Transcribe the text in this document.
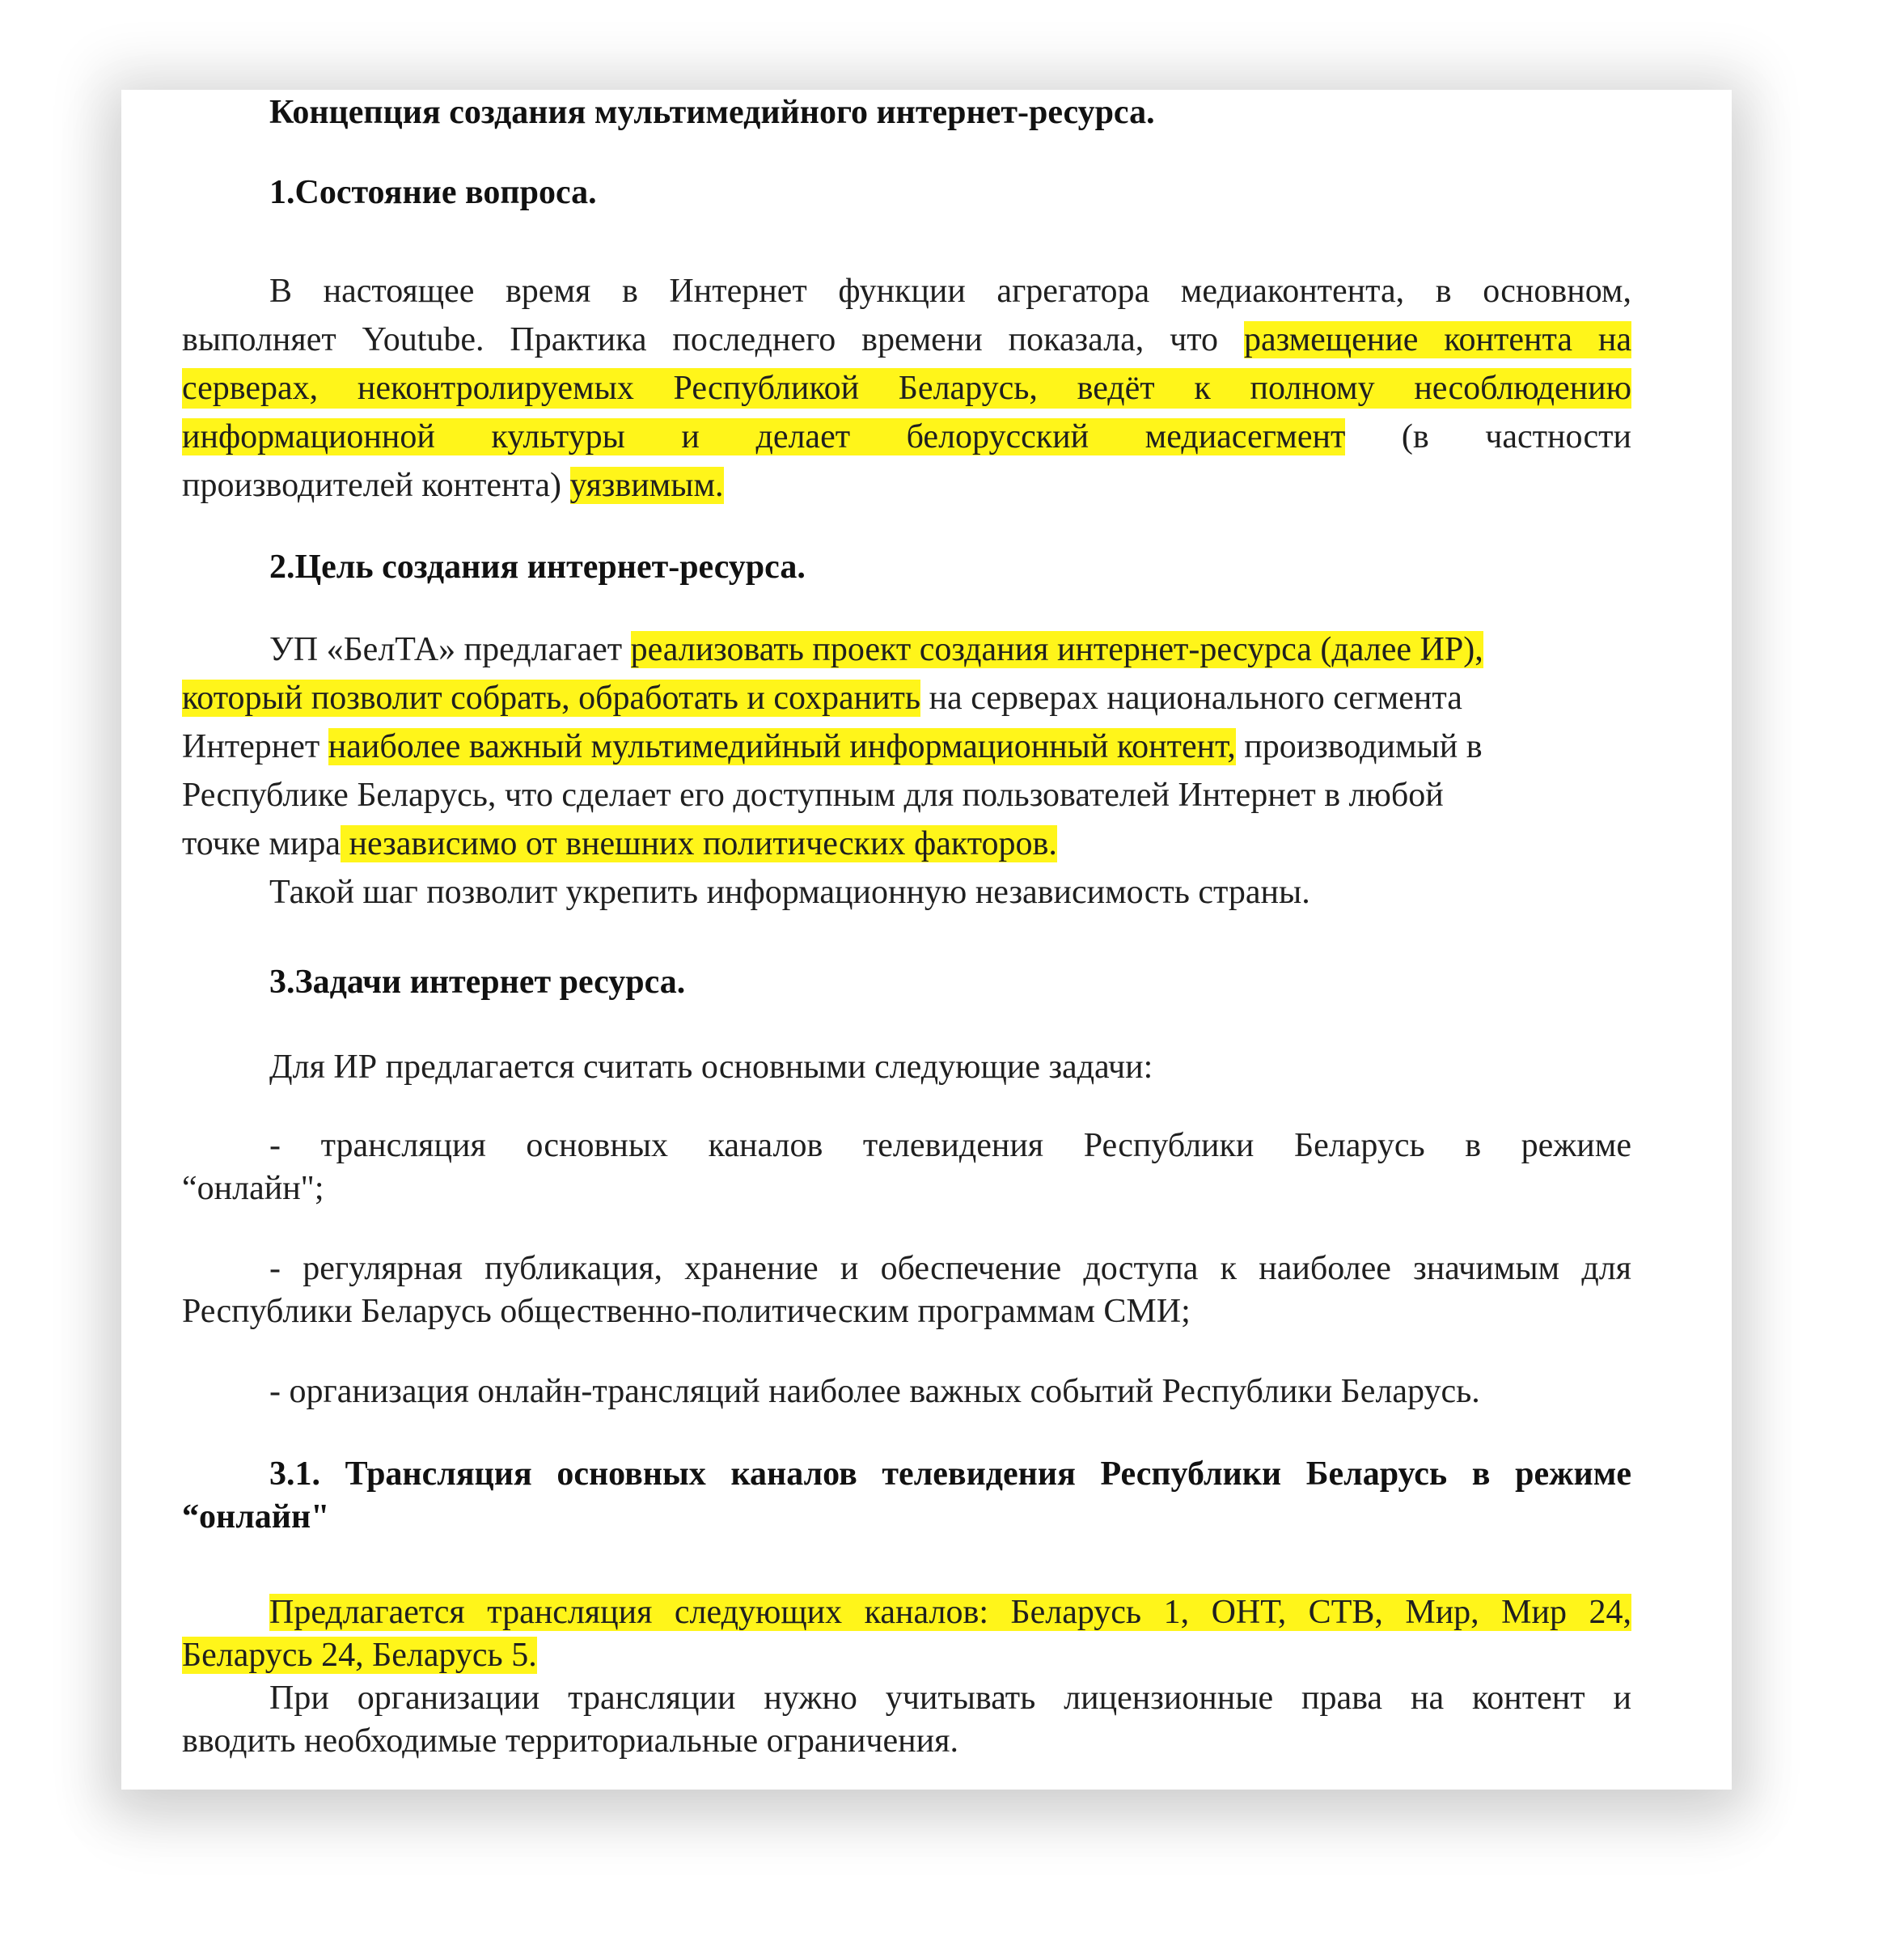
Концепция создания мультимедийного интернет-ресурса.
1.Состояние вопроса.
В настоящее время в Интернет функции агрегатора медиаконтента, в основном,
выполняет Youtube. Практика последнего времени показала, что размещение контента на
серверах, неконтролируемых Республикой Беларусь, ведёт к полному несоблюдению
информационной культуры и делает белорусский медиасегмент (в частности
производителей контента) уязвимым.
2.Цель создания интернет-ресурса.
УП «БелТА» предлагает реализовать проект создания интернет-ресурса (далее ИР),
который позволит собрать, обработать и сохранить на серверах национального сегмента
Интернет наиболее важный мультимедийный информационный контент, производимый в
Республике Беларусь, что сделает его доступным для пользователей Интернет в любой
точке мира независимо от внешних политических факторов.
Такой шаг позволит укрепить информационную независимость страны.
3.Задачи интернет ресурса.
Для ИР предлагается считать основными следующие задачи:
- трансляция основных каналов телевидения Республики Беларусь в режиме
“онлайн";
- регулярная публикация, хранение и обеспечение доступа к наиболее значимым для
Республики Беларусь общественно-политическим программам СМИ;
- организация онлайн-трансляций наиболее важных событий Республики Беларусь.
3.1. Трансляция основных каналов телевидения Республики Беларусь в режиме
“онлайн"
Предлагается трансляция следующих каналов: Беларусь 1, ОНТ, СТВ, Мир, Мир 24,
Беларусь 24, Беларусь 5.
При организации трансляции нужно учитывать лицензионные права на контент и
вводить необходимые территориальные ограничения.
